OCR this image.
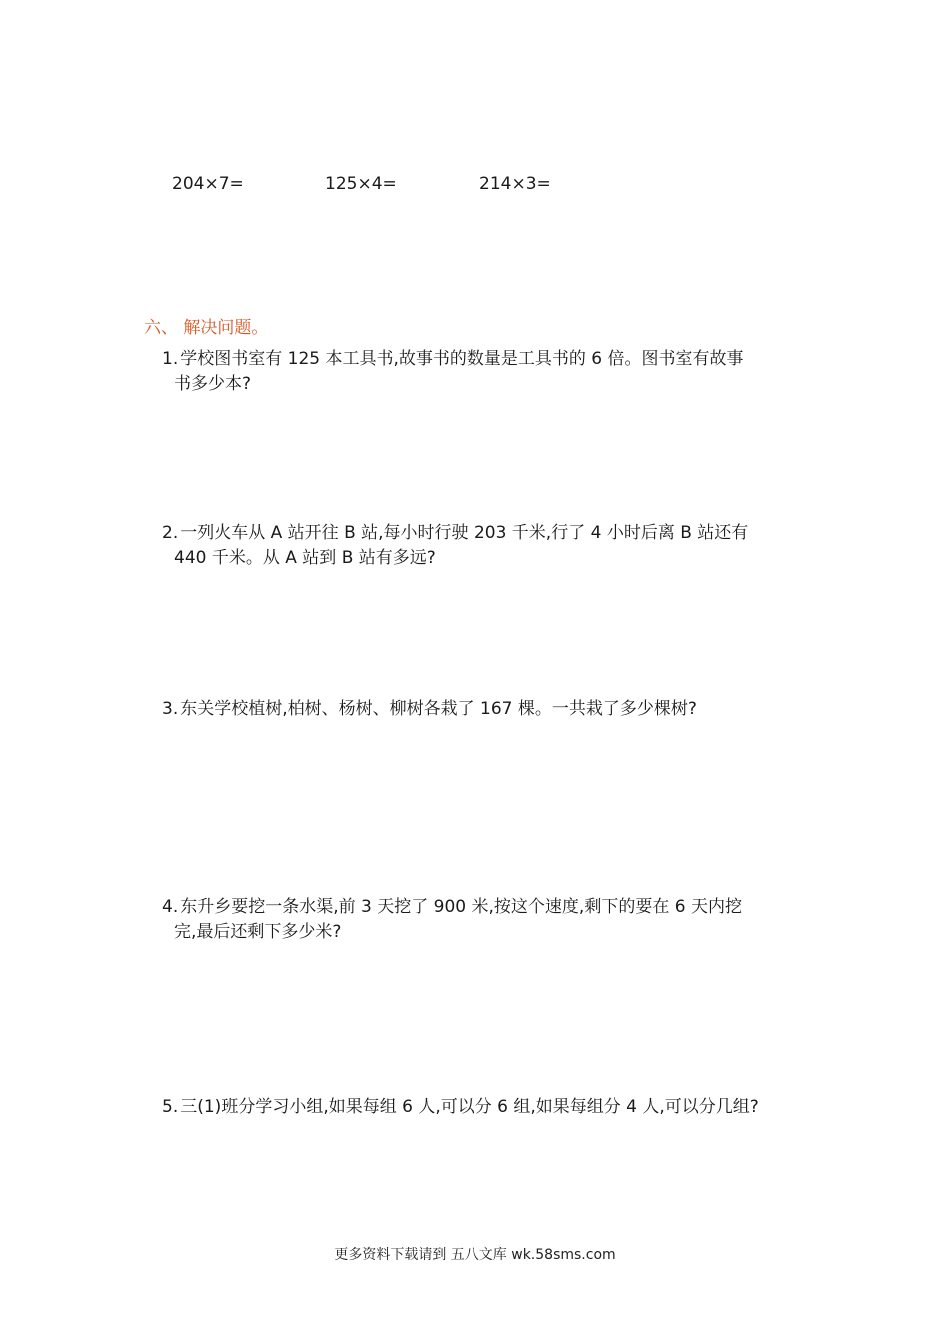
204×7=	125×4=	214×3=
六、 解决问题。
1. 学校图书室有 125 本工具书,故事书的数量是工具书的 6 倍。图书室有故事
书多少本?
2. 一列火车从 A 站开往 B 站,每小时行驶 203 千米,行了 4 小时后离 B 站还有
440 千米。从 A 站到 B 站有多远?
3. 东关学校植树,柏树、杨树、柳树各栽了 167 棵。一共栽了多少棵树?
4. 东升乡要挖一条水渠,前 3 天挖了 900 米,按这个速度,剩下的要在 6 天内挖
完,最后还剩下多少米?
5. 三(1)班分学习小组,如果每组 6 人,可以分 6 组,如果每组分 4 人,可以分几组?
更多资料下载请到 五八文库 wk.58sms.com
